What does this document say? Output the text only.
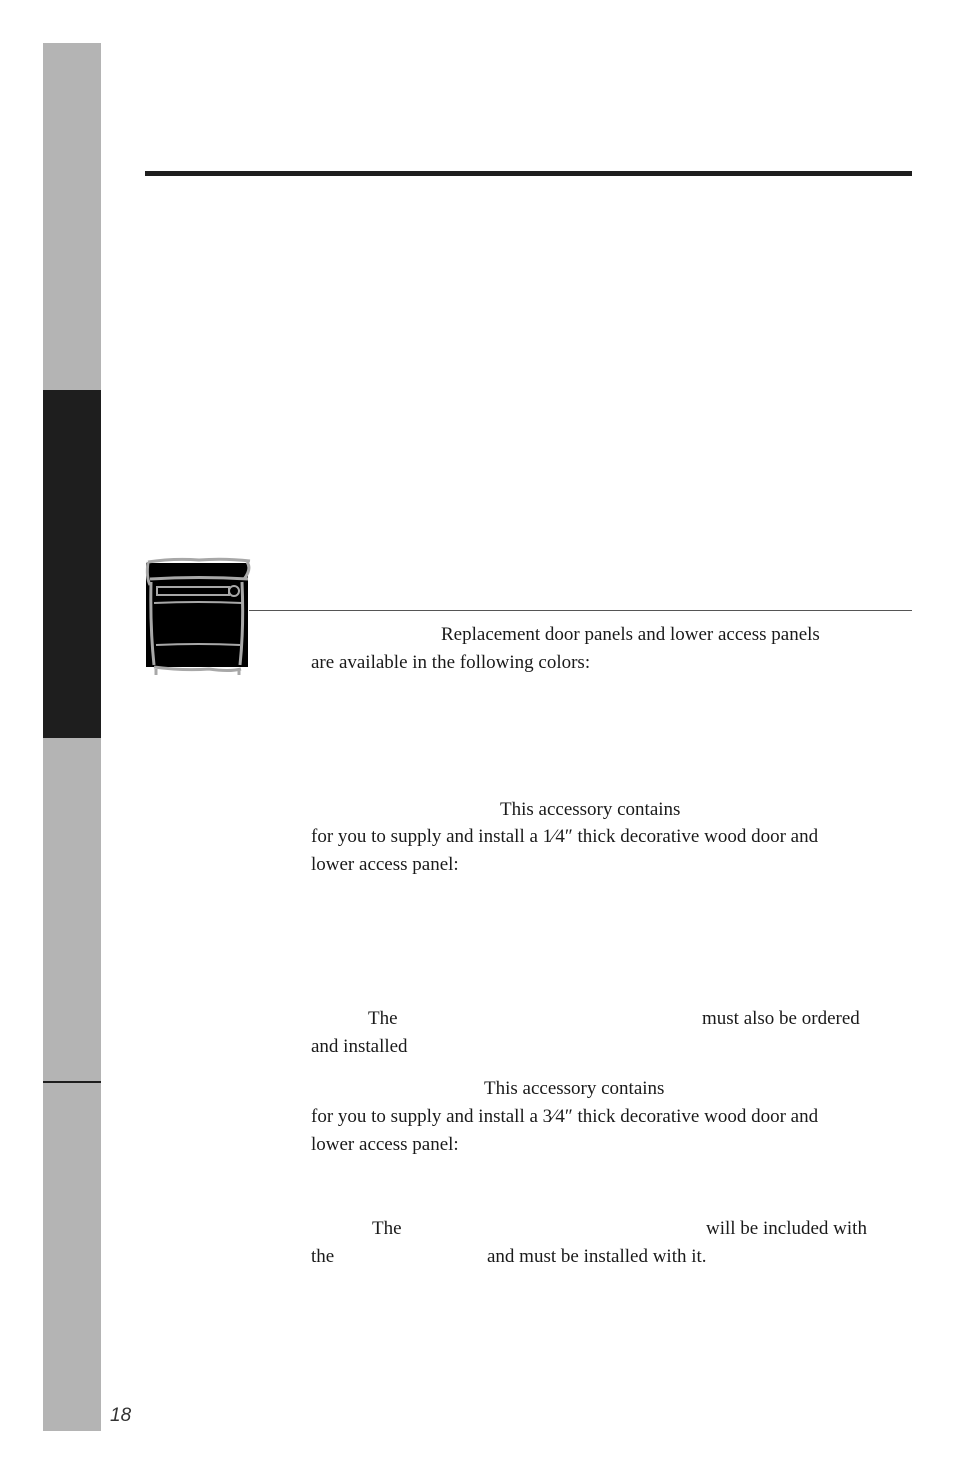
Replacement door panels and lower access panels
are available in the following colors:
This accessory contains
for you to supply and install a 1⁄4″ thick decorative wood door and
lower access panel:
The	must also be ordered
and installed
This accessory contains
for you to supply and install a 3⁄4″ thick decorative wood door and
lower access panel:
The	will be included with
the	and must be installed with it.
18
